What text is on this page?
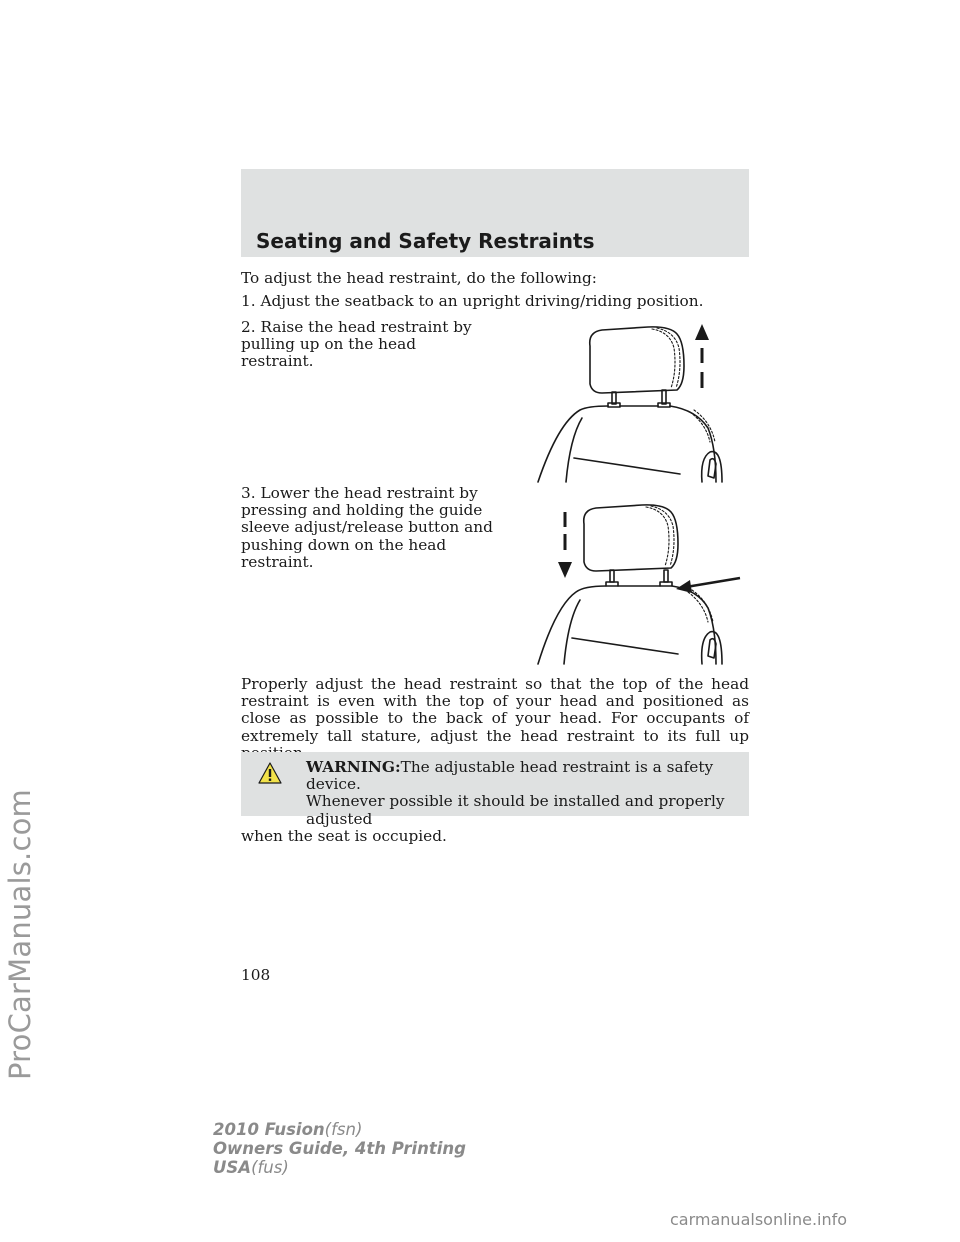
ProCarManuals.com
Seating and Safety Restraints

To adjust the head restraint, do the following:

1. Adjust the seatback to an upright driving/riding position.

2. Raise the head restraint by pulling up on the head restraint.

3. Lower the head restraint by pressing and holding the guide sleeve adjust/release button and pushing down on the head restraint.

Properly adjust the head restraint so that the top of the head restraint is even with the top of your head and positioned as close as possible to the back of your head. For occupants of extremely tall stature, adjust the head restraint to its full up

WARNING:The adjustable head restraint is a safety device.
Whenever possible it should be installed and properly adjusted
when the seat is occupied.

108
2010 Fusion(fsn)
Owners Guide, 4th Printing
USA(fus)
carmanualsonline.info
